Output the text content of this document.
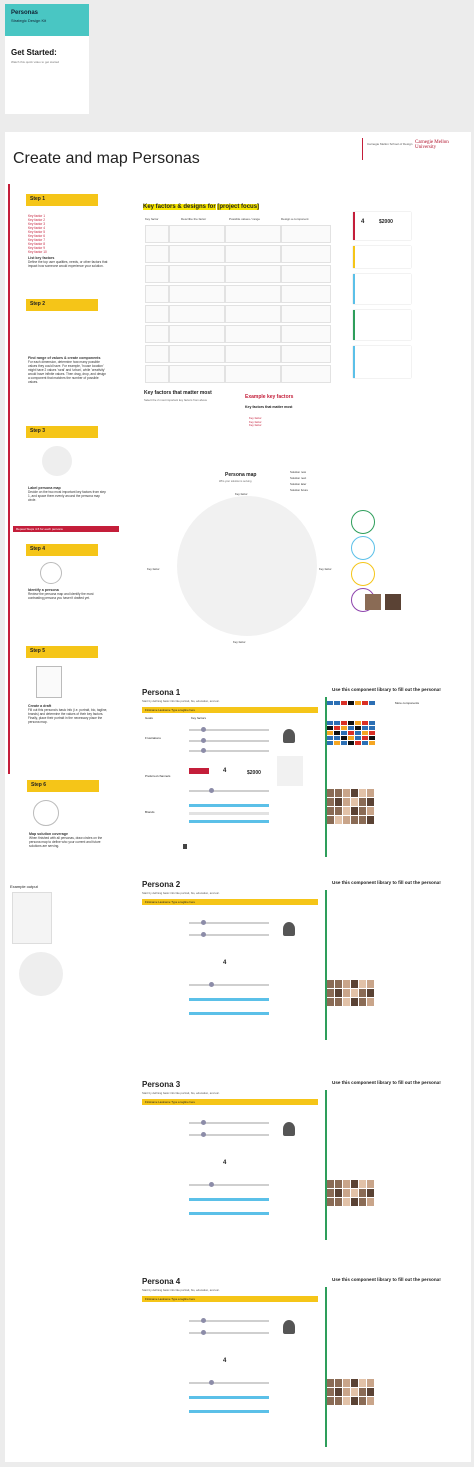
Personas
Strategic Design Kit
Get Started:
Watch this quick video to get started
Create and map Personas
Carnegie Mellon School of Design Carnegie Mellon University
Step 1
Key factor 1
Key factor 2
Key factor 3
Key factor 4
Key factor 5
Key factor 6
Key factor 7
Key factor 8
Key factor 9
Key factor 10
List key factors
Define the top user qualities, needs, or other factors that impact how someone would experience your solution.
Step 2
Find range of values & create components
For each dimension, determine how many possible values they could have. For example, 'house location' might have 2 values 'rural' and 'urban', while 'creativity' would have infinite values. Then drag, drop, and design a component that matches the number of possible values.
Step 3
Label persona map
Decide on the two most important key factors from step 1, and space them evenly around the persona map circle.
Repeat Steps 4-5 for each persona
Step 4
Identify a persona
Review the persona map and identify the most contrasting persona you haven't drafted yet.
Step 5
Create a draft
Fill out this persona's basic info (i.e. portrait, bio, tagline, brands) and determine the values of their key factors. Finally, place their portrait in the necessary place the persona map.
Step 6
Map solution coverage
When finished with all personas, draw circles on the persona map to define who your current and future solutions are serving.
Example output
Key factors & designs for [project focus]
Key factor	Describe the factor	Possible values / range	Design a component	4	$2000
Key factors that matter most
Select the 2 most important key factors from above	Example key factors
Key factors that matter most
Key factor
Key factor
Key factor
Persona map
Who your solution is serving
Key factor
Key factor	Key factor
Key factor
Solution now
Solution next
Solution later
Solution future
Persona 1
Start by defining basic info like portrait, bio, education, and etc.
Firstname Lastname Type a tagline here
Goals
Frustrations
Preferred channels
Brands
Key factors
4	$2000
Use this component library to fill out the persona!
More components
Persona 2
Start by defining basic info like portrait, bio, education, and etc.
Firstname Lastname Type a tagline here
4
Use this component library to fill out the persona!
Persona 3
Start by defining basic info like portrait, bio, education, and etc.
Firstname Lastname Type a tagline here
4
Use this component library to fill out the persona!
Persona 4
Start by defining basic info like portrait, bio, education, and etc.
Firstname Lastname Type a tagline here
4
Use this component library to fill out the persona!
